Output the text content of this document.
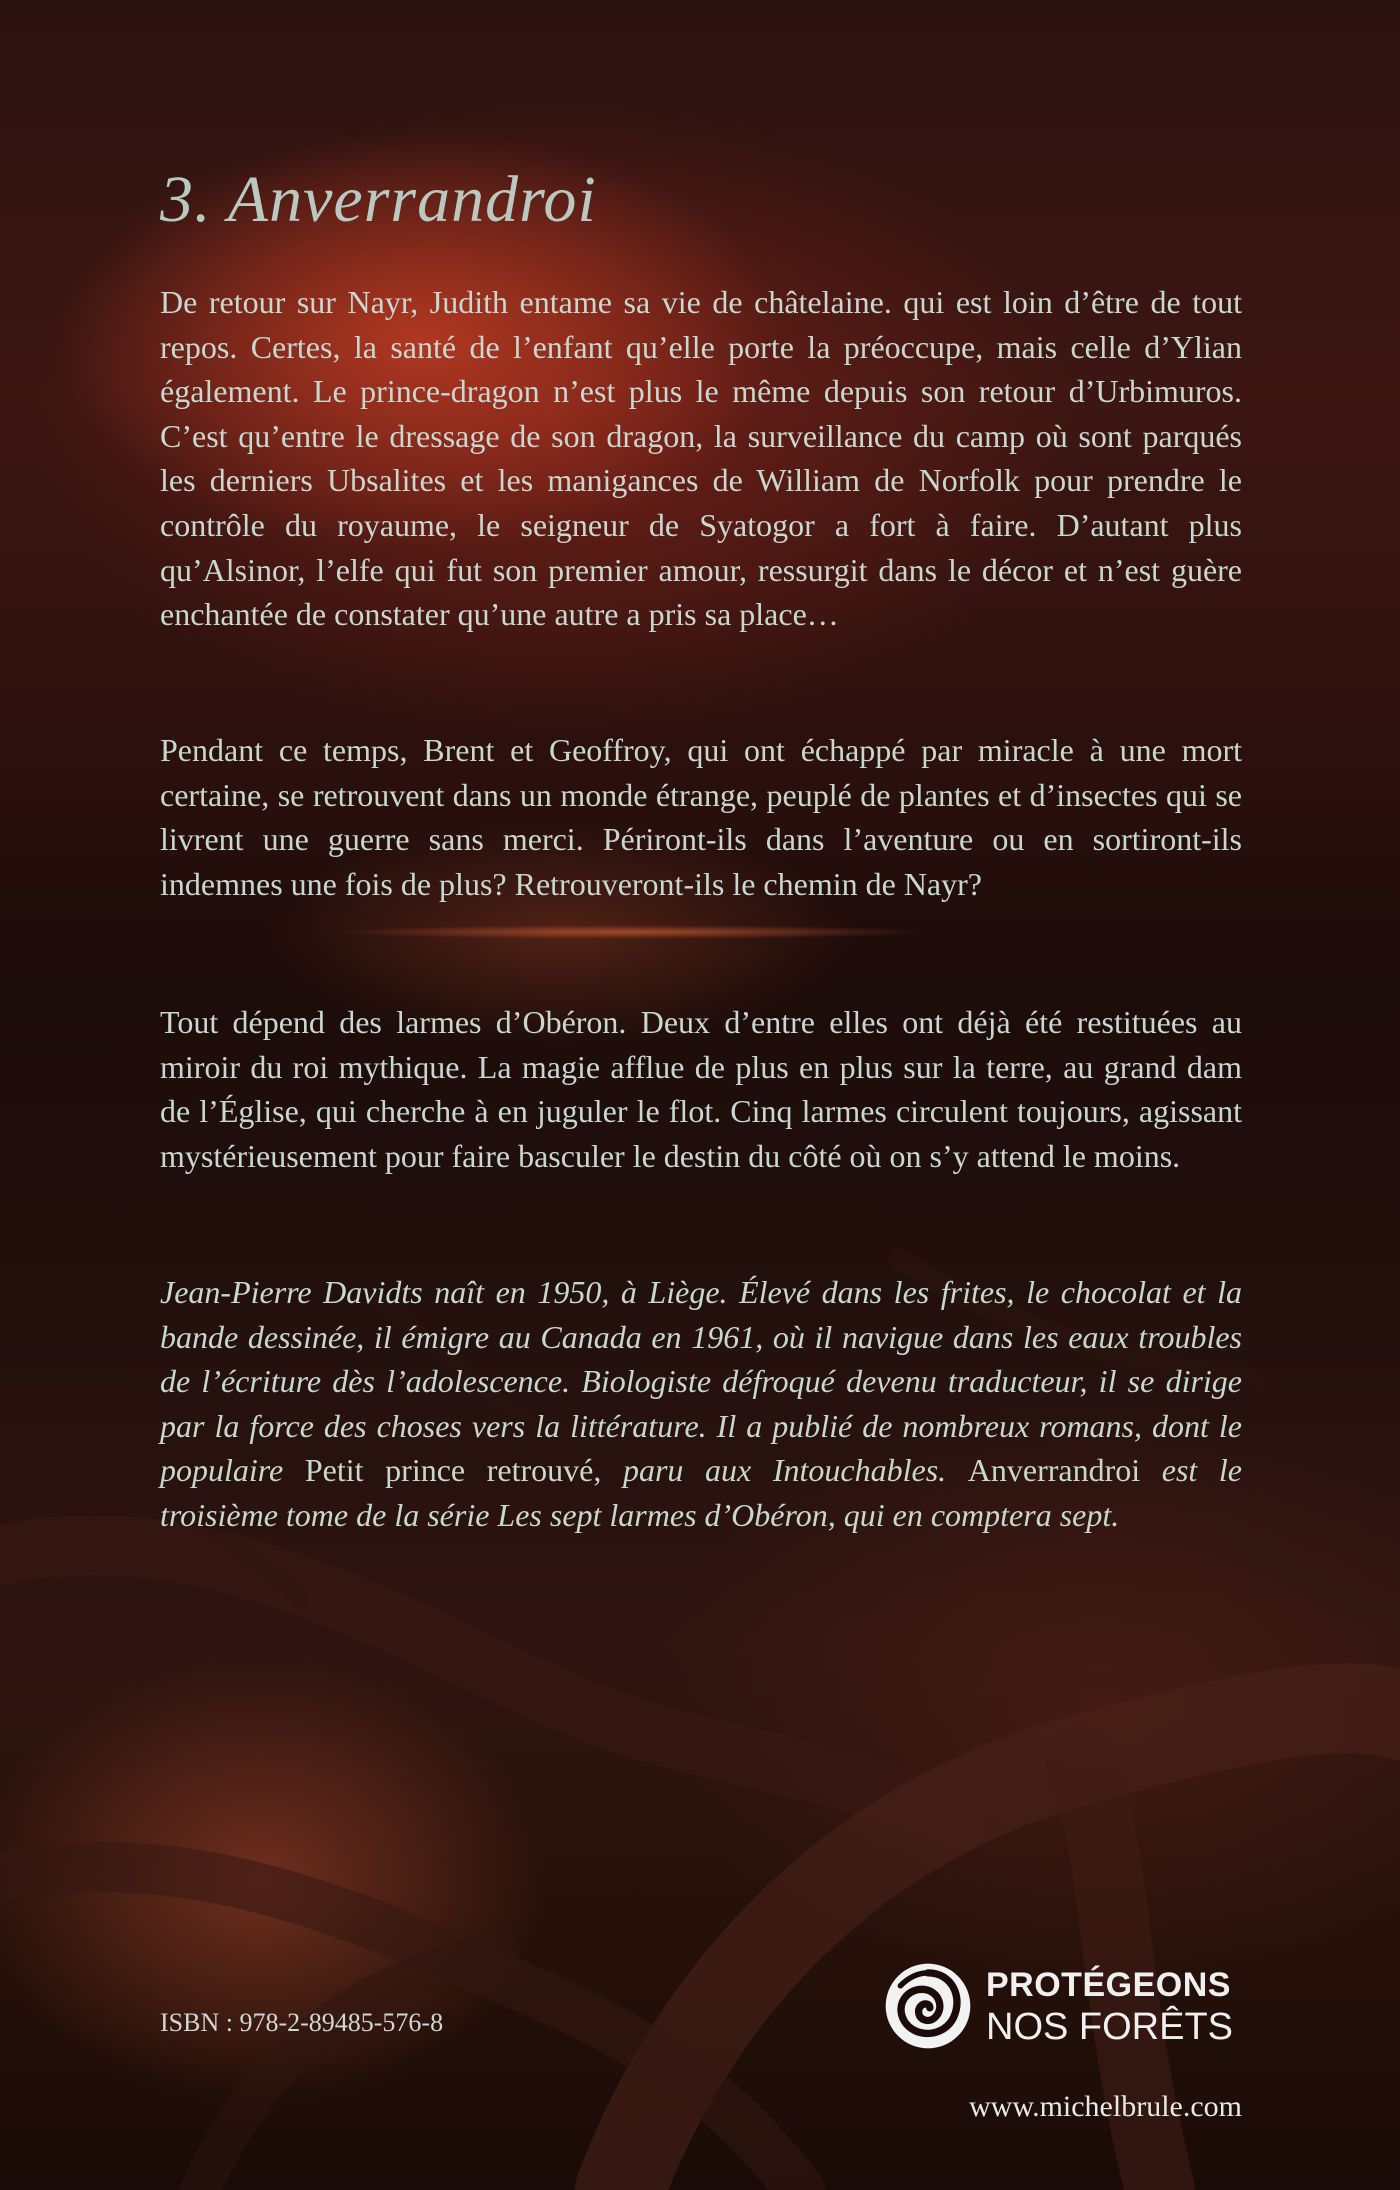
3. Anverrandroi

De retour sur Nayr, Judith entame sa vie de châtelaine. qui est loin d’être de tout repos. Certes, la santé de l’enfant qu’elle porte la préoccupe, mais celle d’Ylian également. Le prince-dragon n’est plus le même depuis son retour d’Urbimuros. C’est qu’entre le dressage de son dragon, la surveillance du camp où sont parqués les derniers Ubsalites et les manigances de William de Norfolk pour prendre le contrôle du royaume, le seigneur de Syatogor a fort à faire. D’autant plus qu’Alsinor, l’elfe qui fut son premier amour, ressurgit dans le décor et n’est guère enchantée de constater qu’une autre a pris sa place…

Pendant ce temps, Brent et Geoffroy, qui ont échappé par miracle à une mort certaine, se retrouvent dans un monde étrange, peuplé de plantes et d’insectes qui se livrent une guerre sans merci. Périront-ils dans l’aventure ou en sortiront-ils indemnes une fois de plus? Retrouveront-ils le chemin de Nayr?

Tout dépend des larmes d’Obéron. Deux d’entre elles ont déjà été restituées au miroir du roi mythique. La magie afflue de plus en plus sur la terre, au grand dam de l’Église, qui cherche à en juguler le flot. Cinq larmes circulent toujours, agissant mystérieusement pour faire basculer le destin du côté où on s’y attend le moins.

Jean-Pierre Davidts naît en 1950, à Liège. Élevé dans les frites, le chocolat et la bande dessinée, il émigre au Canada en 1961, où il navigue dans les eaux troubles de l’écriture dès l’adolescence. Biologiste défroqué devenu traducteur, il se dirige par la force des choses vers la littérature. Il a publié de nombreux romans, dont le populaire Petit prince retrouvé, paru aux Intouchables. Anverrandroi est le troisième tome de la série Les sept larmes d’Obéron, qui en comptera sept.

ISBN : 978-2-89485-576-8
PROTÉGEONS
NOS FORÊTS
www.michelbrule.com
